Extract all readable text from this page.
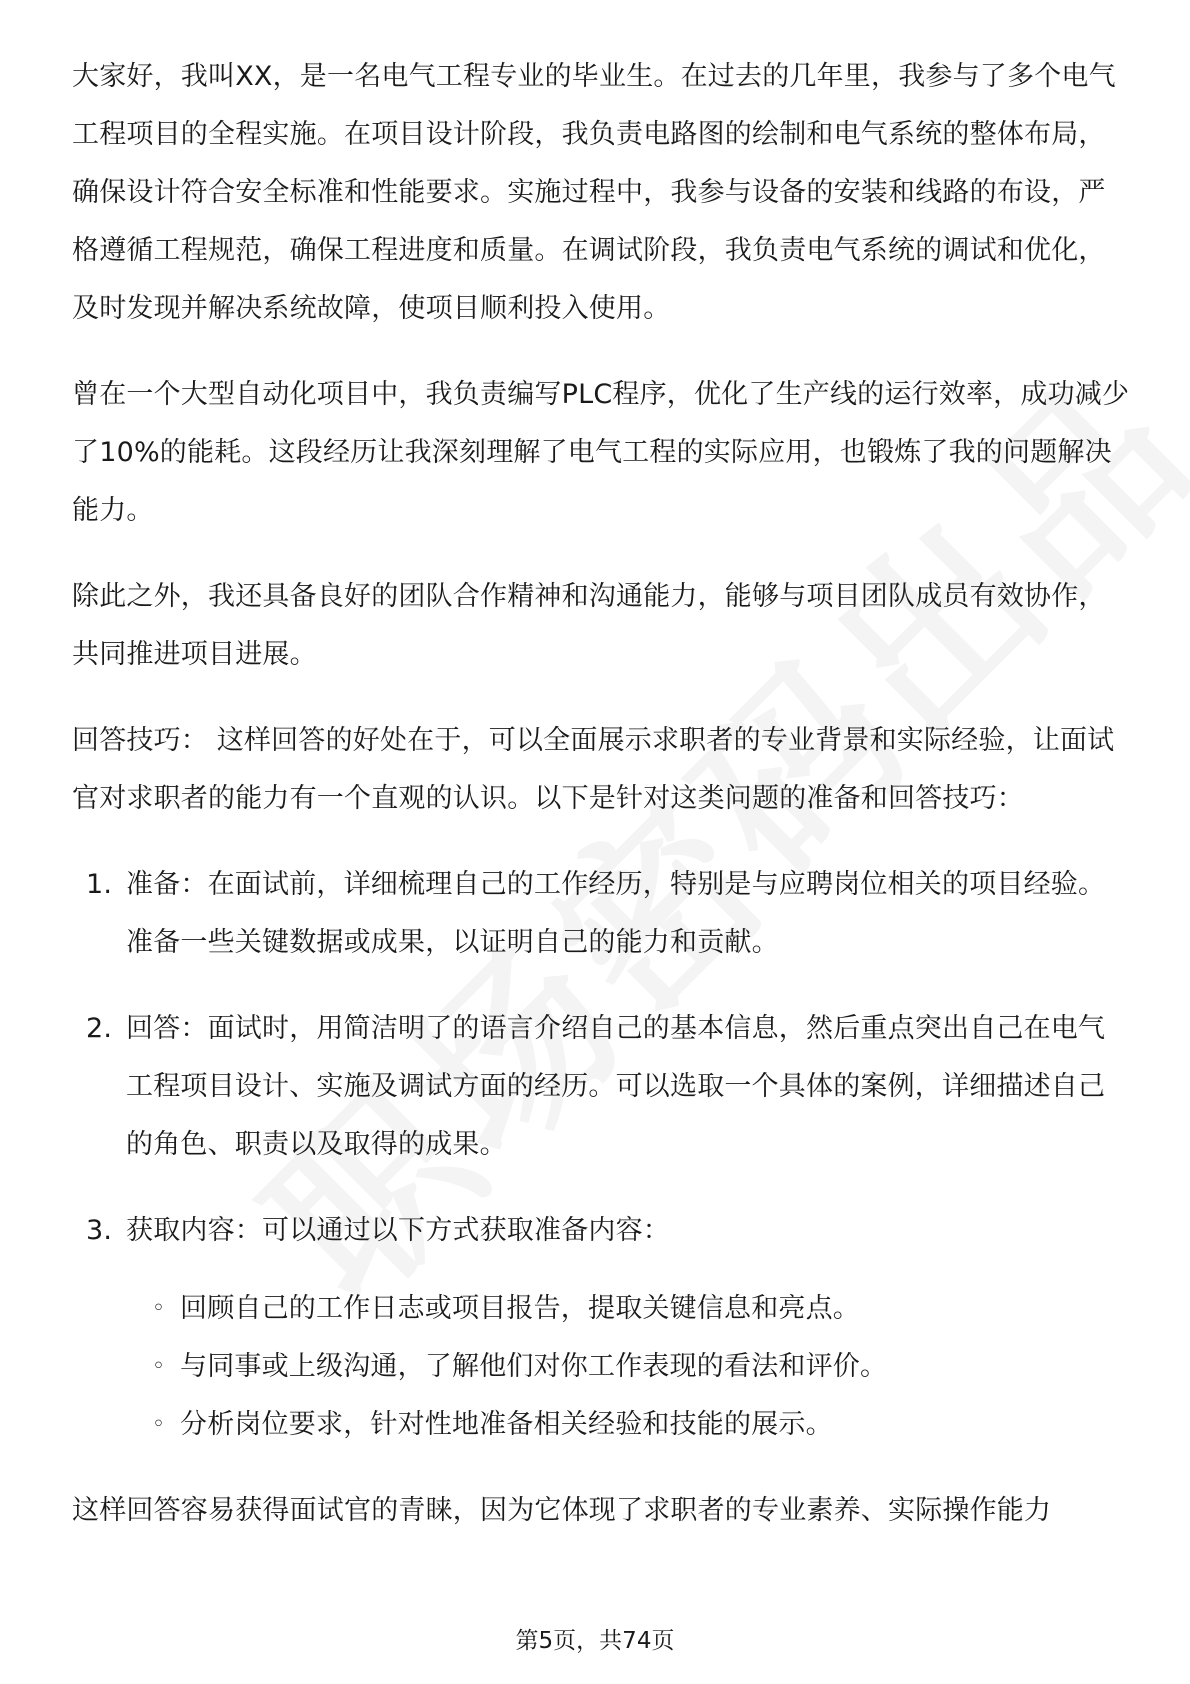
大家好，我叫XX，是一名电气工程专业的毕业生。在过去的几年里，我参与了多个电气工程项目的全程实施。在项目设计阶段，我负责电路图的绘制和电气系统的整体布局，确保设计符合安全标准和性能要求。实施过程中，我参与设备的安装和线路的布设，严格遵循工程规范，确保工程进度和质量。在调试阶段，我负责电气系统的调试和优化，及时发现并解决系统故障，使项目顺利投入使用。

曾在一个大型自动化项目中，我负责编写PLC程序，优化了生产线的运行效率，成功减少了10%的能耗。这段经历让我深刻理解了电气工程的实际应用，也锻炼了我的问题解决能力。

除此之外，我还具备良好的团队合作精神和沟通能力，能够与项目团队成员有效协作，共同推进项目进展。

回答技巧： 这样回答的好处在于，可以全面展示求职者的专业背景和实际经验，让面试官对求职者的能力有一个直观的认识。以下是针对这类问题的准备和回答技巧：

1. 准备：在面试前，详细梳理自己的工作经历，特别是与应聘岗位相关的项目经验。准备一些关键数据或成果，以证明自己的能力和贡献。
2. 回答：面试时，用简洁明了的语言介绍自己的基本信息，然后重点突出自己在电气工程项目设计、实施及调试方面的经历。可以选取一个具体的案例，详细描述自己的角色、职责以及取得的成果。
3. 获取内容：可以通过以下方式获取准备内容：
◦ 回顾自己的工作日志或项目报告，提取关键信息和亮点。
◦ 与同事或上级沟通，了解他们对你工作表现的看法和评价。
◦ 分析岗位要求，针对性地准备相关经验和技能的展示。

这样回答容易获得面试官的青睐，因为它体现了求职者的专业素养、实际操作能力

第5页，共74页
